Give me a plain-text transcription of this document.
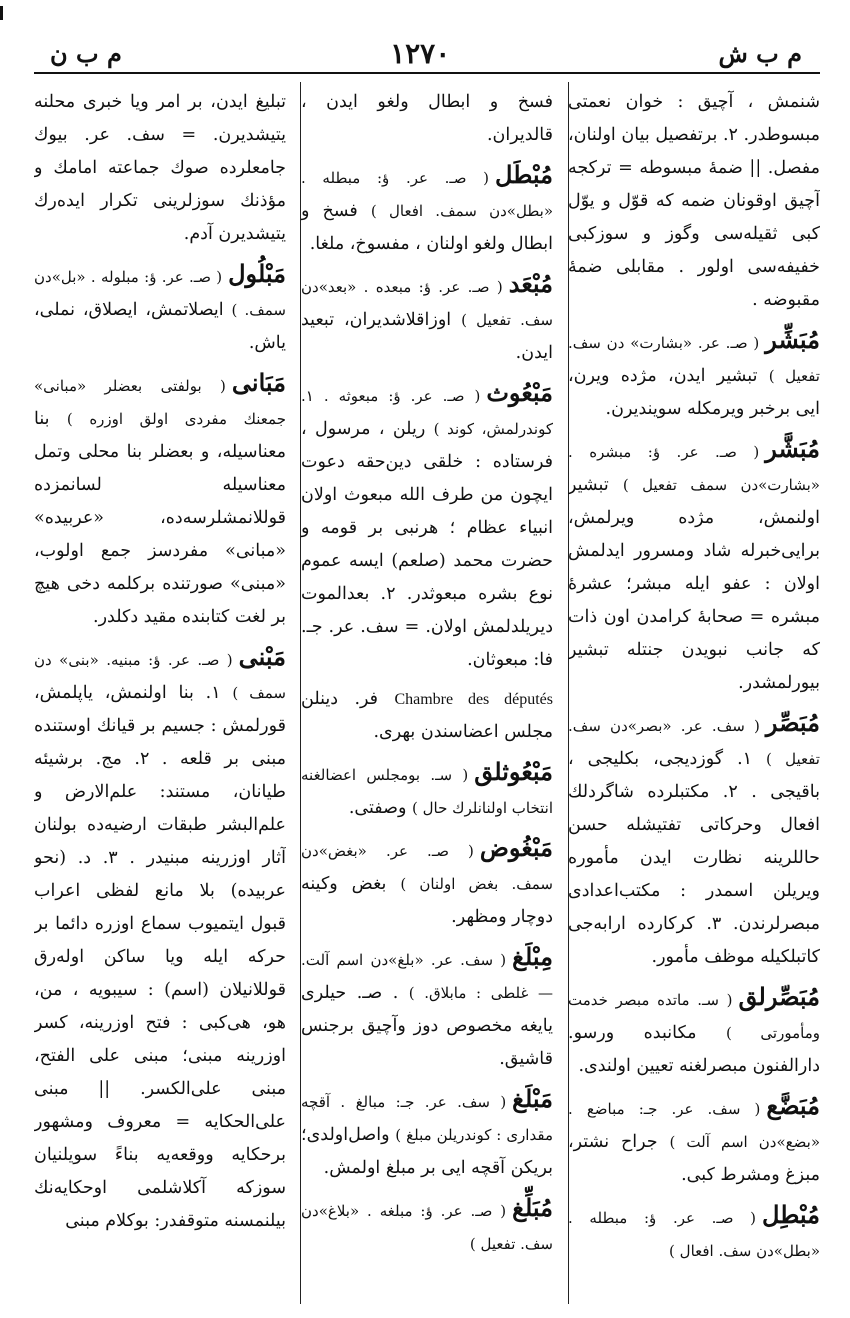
م ب ش
١٢٧٠
م ب ن
شنمش ، آچيق : خوان نعمتى مبسوطدر. ٢. برتفصيل بيان اولنان، مفصل. || ضمهٔ مبسوطه = تركجه آچيق اوقونان ضمه كه قوّل و يوّل كبى ثقيله‌سى وگوز و سوزكبى خفيفه‌سى اولور . مقابلى ضمهٔ مقبوضه .
مُبَشِّر( صـ. عر. «بشارت» دن سف. تفعيل ) تبشير ايدن، مژده ويرن، ايى برخبر ويرمكله سوينديرن.
مُبَشَّر( صـ. عر. ؤ: مبشره . «بشارت»دن سمف تفعيل ) تبشير اولنمش، مژده ويرلمش، برايى‌خبرله شاد ومسرور ايدلمش اولان : عفو ايله مبشر؛ عشرهٔ مبشره = صحابهٔ كرامدن اون ذات كه جانب نبويدن جنتله تبشير بيورلمشدر.
مُبَصِّر( سف. عر. «بصر»دن سف. تفعيل ) ١. گوزديجى، بكليجى ، باقيجى . ٢. مكتبلرده شاگردلك افعال وحركاتى تفتيشله حسن حاللرينه نظارت ايدن مأموره ويريلن اسمدر : مكتب‌اعدادى مبصرلرندن. ٣. كركارده ارابه‌جى كاتبلكيله موظف مأمور.
مُبَصِّرلق( سـ. ماتده مبصر خدمت ومأمورتى ) مكانبده ورسو. دارالفنون مبصرلغنه تعيين اولندى.
مُبَضَّع( سف. عر. جـ: مباضع . «بضع»دن اسم آلت ) جراح نشتر، مبزغ ومشرط كبى.
مُبْطِل( صـ. عر. ؤ: مبطله . «بطل»دن سف. افعال )
فسخ و ابطال ولغو ايدن ، قالديران.
مُبْطَل( صـ. عر. ؤ: مبطله . «بطل»دن سمف. افعال ) فسخ و ابطال ولغو اولنان ، مفسوخ، ملغا.
مُبْعَد( صـ. عر. ؤ: مبعده . «بعد»دن سف. تفعيل ) اوزاقلاشديران، تبعيد ايدن.
مَبْعُوث( صـ. عر. ؤ: مبعوثه . ١. كوندرلمش، كوند ) ريلن ، مرسول ، فرستاده : خلقى دين‌حقه دعوت ايچون من طرف الله مبعوث اولان انبياء عظام ؛ هرنبى بر قومه و حضرت محمد (صلعم) ايسه عموم نوع بشره مبعوثدر. ٢. بعدالموت ديريلدلمش اولان. = سف. عر. جـ. فا: مبعوثان.
Chambre des députés فر. دينلن مجلس اعضاسندن بهرى.
مَبْعُوثلق( سـ. بومجلس اعضالغنه انتخاب اولنانلرك حال ) وصفتى.
مَبْغُوض( صـ. عر. «بغض»دن سمف. بغض اولنان ) بغض وكينه دوچار ومظهر.
مِبْلَغ( سف. عر. «بلغ»دن اسم آلت. — غلطى : مابلاق. ) . صـ. حيلرى يايغه مخصوص دوز وآچيق برجنس قاشيق.
مَبْلَغ( سف. عر. جـ: مبالغ . آقچه مقدارى : كوندريلن مبلغ ) واصل‌اولدى؛ بريكن آقچه ايى بر مبلغ اولمش.
مُبَلِّغ( صـ. عر. ؤ: مبلغه . «بلاغ»دن سف. تفعيل )
تبليغ ايدن، بر امر ويا خبرى محلنه يتيشديرن. = سف. عر. بيوك جامعلرده صوك جماعته امامك و مؤذنك سوزلرينى تكرار ايده‌رك يتيشديرن آدم.
مَبْلُول( صـ. عر. ؤ: مبلوله . «بل»دن سمف. ) ايصلاتمش، ايصلاق، نملى، ياش.
مَبَانى( بولفتى بعضلر «مبانى» جمعنك مفردى اولق اوزره ) بنا معناسيله، و بعضلر بنا محلى وتمل معناسيله لسانمزده قوللانمشلرسه‌ده، «عربيده» «مبانى» مفردسز جمع اولوب، «مبنى» صورتنده بركلمه دخى هيچ بر لغت كتابنده مقيد دكلدر.
مَبْنى( صـ. عر. ؤ: مبنيه. «بنى» دن سمف ) ١. بنا اولنمش، ياپلمش، قورلمش : جسيم بر قيانك اوستنده مبنى بر قلعه . ٢. مج. برشيئه طيانان، مستند: علم‌الارض و علم‌البشر طبقات ارضيه‌ده بولنان آثار اوزرينه مبنيدر . ٣. د. (نحو عربيده) بلا مانع لفظى اعراب قبول ايتميوب سماع اوزره دائما بر حركه ايله ويا ساكن اوله‌رق قوللانيلان (اسم) : سيبويه ، من، هو، هى‌كبى : فتح اوزرينه، كسر اوزرينه مبنى؛ مبنى على الفتح، مبنى على‌الكسر. || مبنى على‌الحكايه = معروف ومشهور برحكايه ووقعه‌يه بناءً سويلنيان سوزكه آكلاشلمى اوحكايه‌نك بيلنمسنه متوقفدر: بوكلام مبنى
